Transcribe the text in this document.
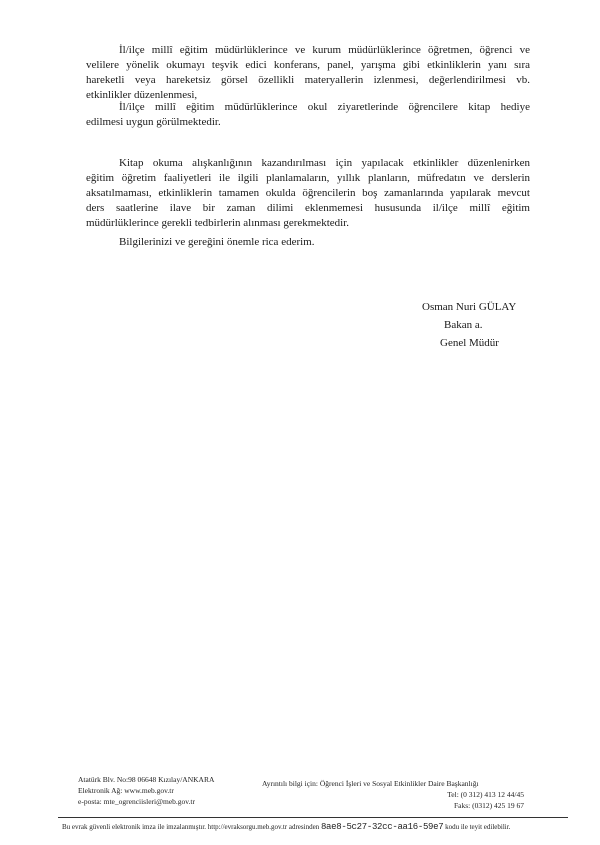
İl/ilçe millî eğitim müdürlüklerince ve kurum müdürlüklerince öğretmen, öğrenci ve
velilere yönelik okumayı teşvik edici konferans, panel, yarışma gibi etkinliklerin yanı sıra
hareketli veya hareketsiz görsel özellikli materyallerin izlenmesi, değerlendirilmesi vb.
etkinlikler düzenlenmesi,
İl/ilçe millî eğitim müdürlüklerince okul ziyaretlerinde öğrencilere kitap hediye
edilmesi uygun görülmektedir.
Kitap okuma alışkanlığının kazandırılması için yapılacak etkinlikler düzenlenirken
eğitim öğretim faaliyetleri ile ilgili planlamaların, yıllık planların, müfredatın ve derslerin
aksatılmaması, etkinliklerin tamamen okulda öğrencilerin boş zamanlarında yapılarak mevcut
ders saatlerine ilave bir zaman dilimi eklenmemesi hususunda il/ilçe millî eğitim
müdürlüklerince gerekli tedbirlerin alınması gerekmektedir.
Bilgilerinizi ve gereğini önemle rica ederim.
Osman Nuri GÜLAY
Bakan a.
Genel Müdür
Atatürk Blv. No:98 06648 Kızılay/ANKARA
Elektronik Ağ: www.meb.gov.tr
e-posta: mte_ogrenciisleri@meb.gov.tr
Ayrıntılı bilgi için: Öğrenci İşleri ve Sosyal Etkinlikler Daire Başkanlığı
Tel: (0 312) 413 12 44/45
Faks: (0312) 425 19 67
Bu evrak güvenli elektronik imza ile imzalanmıştır. http://evraksorgu.meb.gov.tr adresinden 8ae8-5c27-32cc-aa16-59e7 kodu ile teyit edilebilir.
